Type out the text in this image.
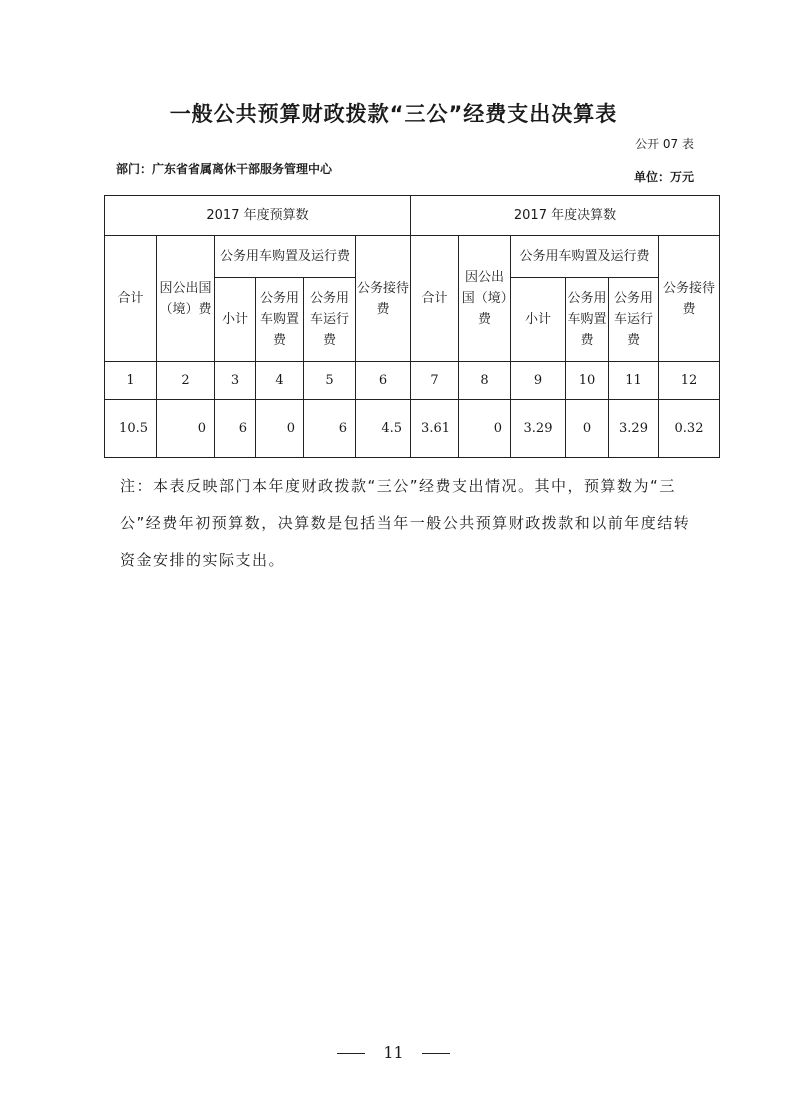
一般公共预算财政拨款“三公”经费支出决算表
公开 07 表
部门：广东省省属离休干部服务管理中心
单位：万元
2017 年度预算数						2017 年度决算数					
合计	因公出国（境）费	公务用车购置及运行费			公务接待费	合计	因公出国（境）费	公务用车购置及运行费			公务接待费
		小计	公务用车购置费	公务用车运行费				小计	公务用车购置费	公务用车运行费	
1	2	3	4	5	6	7	8	9	10	11	12
10.5	0	6	0	6	4.5	3.61	0	3.29	0	3.29	0.32
注：本表反映部门本年度财政拨款“三公”经费支出情况。其中，预算数为“三公”经费年初预算数，决算数是包括当年一般公共预算财政拨款和以前年度结转资金安排的实际支出。
11
